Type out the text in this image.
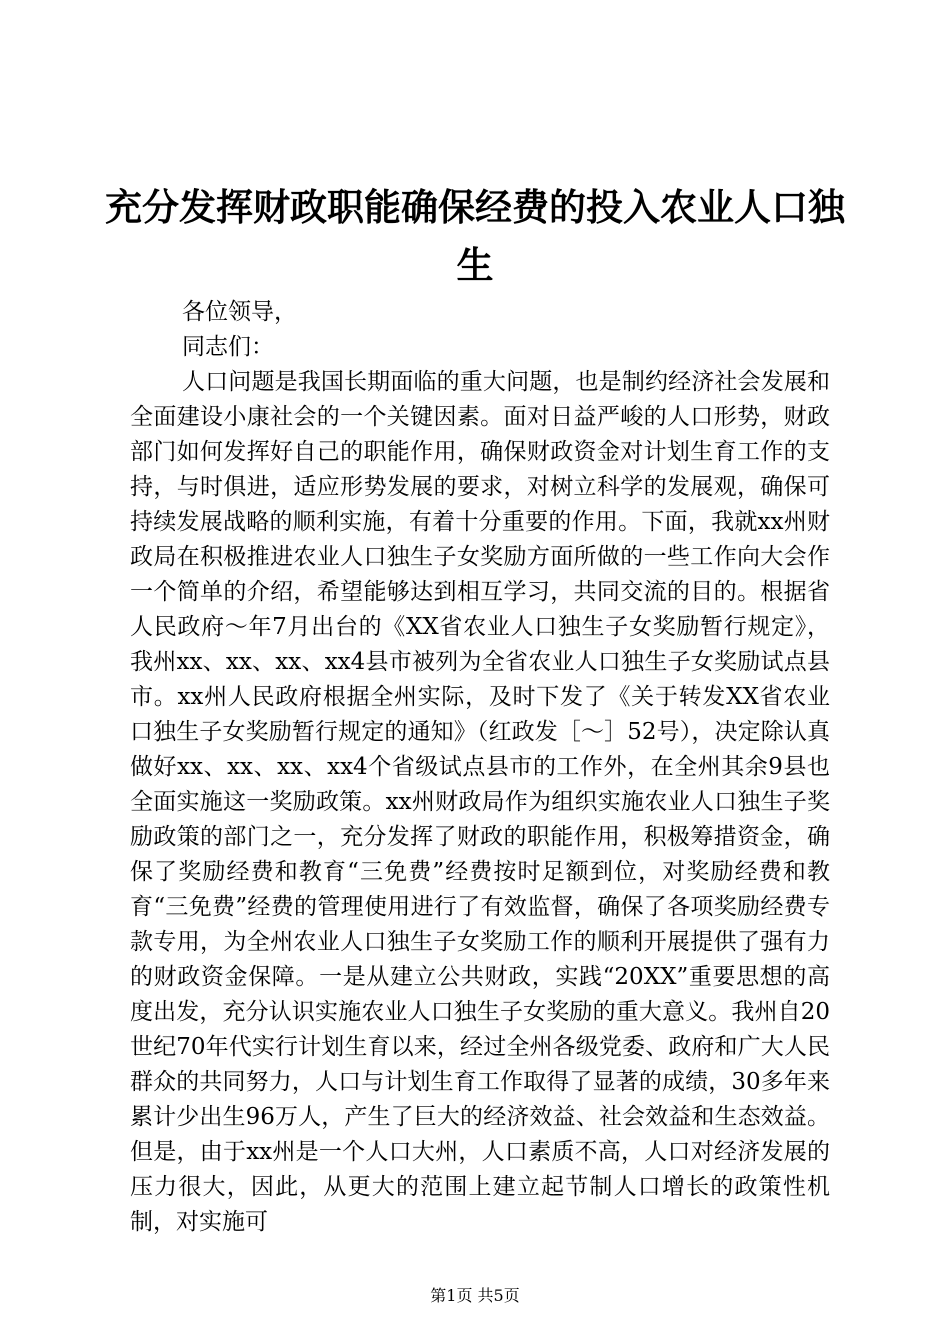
充分发挥财政职能确保经费的投入农业人口独生

各位领导，

同志们：

人口问题是我国长期面临的重大问题，也是制约经济社会发展和全面建设小康社会的一个关键因素。面对日益严峻的人口形势，财政部门如何发挥好自己的职能作用，确保财政资金对计划生育工作的支持，与时俱进，适应形势发展的要求，对树立科学的发展观，确保可持续发展战略的顺利实施，有着十分重要的作用。下面，我就xx州财政局在积极推进农业人口独生子女奖励方面所做的一些工作向大会作一个简单的介绍，希望能够达到相互学习，共同交流的目的。根据省人民政府～年7月出台的《XX省农业人口独生子女奖励暂行规定》，我州xx、xx、xx、xx4县市被列为全省农业人口独生子女奖励试点县市。xx州人民政府根据全州实际，及时下发了《关于转发XX省农业口独生子女奖励暂行规定的通知》（红政发［～］52号），决定除认真做好xx、xx、xx、xx4个省级试点县市的工作外，在全州其余9县也全面实施这一奖励政策。xx州财政局作为组织实施农业人口独生子奖励政策的部门之一，充分发挥了财政的职能作用，积极筹措资金，确保了奖励经费和教育“三免费”经费按时足额到位，对奖励经费和教育“三免费”经费的管理使用进行了有效监督，确保了各项奖励经费专款专用，为全州农业人口独生子女奖励工作的顺利开展提供了强有力的财政资金保障。一是从建立公共财政，实践“20XX”重要思想的高度出发，充分认识实施农业人口独生子女奖励的重大意义。我州自20世纪70年代实行计划生育以来，经过全州各级党委、政府和广大人民群众的共同努力，人口与计划生育工作取得了显著的成绩，30多年来累计少出生96万人，产生了巨大的经济效益、社会效益和生态效益。但是，由于xx州是一个人口大州，人口素质不高，人口对经济发展的压力很大，因此，从更大的范围上建立起节制人口增长的政策性机制，对实施可

第1页 共5页
